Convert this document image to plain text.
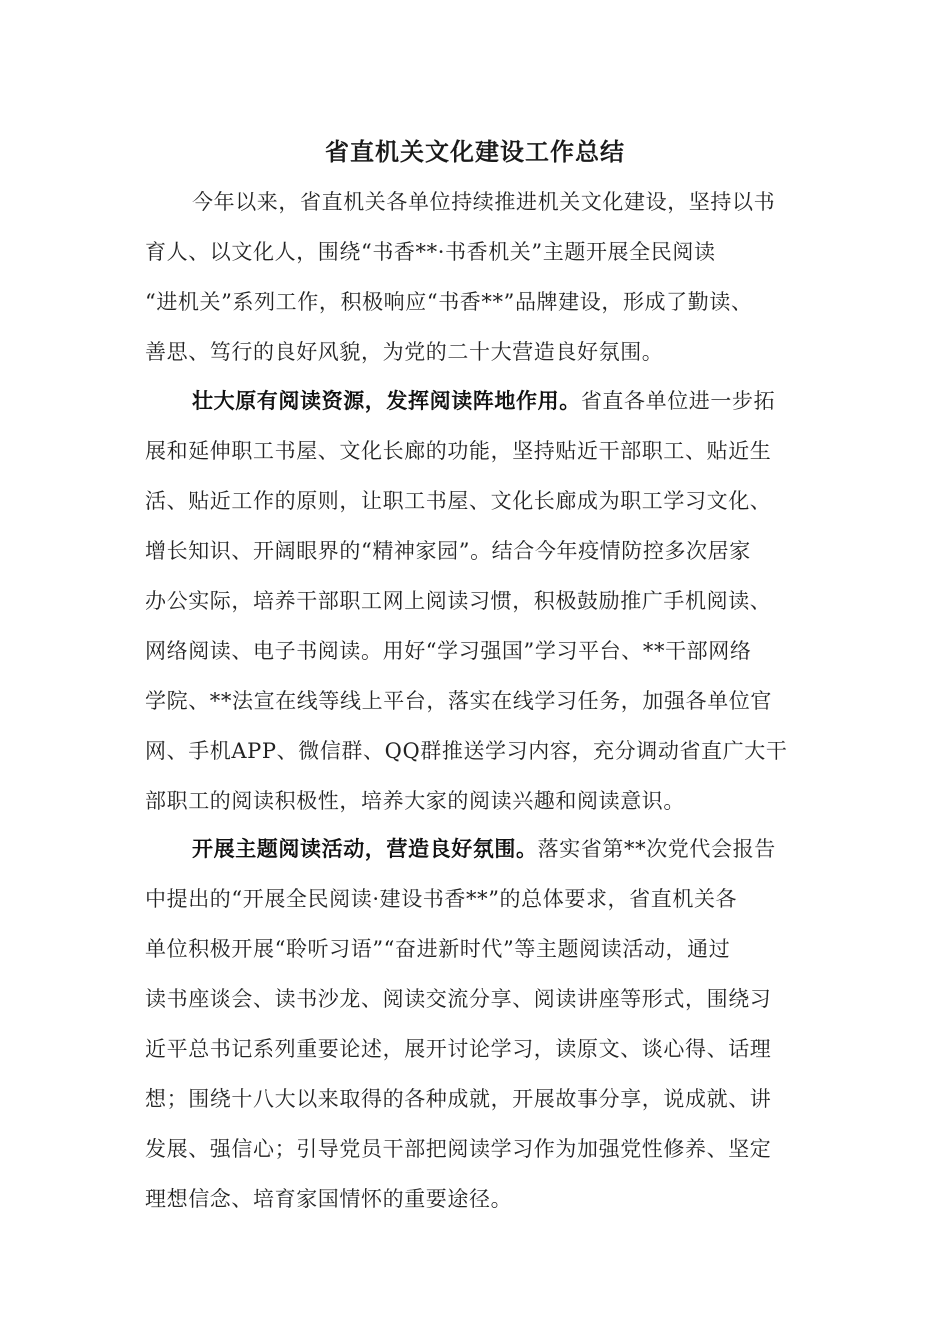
省直机关文化建设工作总结
今年以来，省直机关各单位持续推进机关文化建设，坚持以书
育人、以文化人，围绕“书香**·书香机关”主题开展全民阅读
“进机关”系列工作，积极响应“书香**”品牌建设，形成了勤读、
善思、笃行的良好风貌，为党的二十大营造良好氛围。
壮大原有阅读资源，发挥阅读阵地作用。省直各单位进一步拓
展和延伸职工书屋、文化长廊的功能，坚持贴近干部职工、贴近生
活、贴近工作的原则，让职工书屋、文化长廊成为职工学习文化、
增长知识、开阔眼界的“精神家园”。结合今年疫情防控多次居家
办公实际，培养干部职工网上阅读习惯，积极鼓励推广手机阅读、
网络阅读、电子书阅读。用好“学习强国”学习平台、**干部网络
学院、**法宣在线等线上平台，落实在线学习任务，加强各单位官
网、手机APP、微信群、QQ群推送学习内容，充分调动省直广大干
部职工的阅读积极性，培养大家的阅读兴趣和阅读意识。
开展主题阅读活动，营造良好氛围。落实省第**次党代会报告
中提出的“开展全民阅读·建设书香**”的总体要求，省直机关各
单位积极开展“聆听习语”“奋进新时代”等主题阅读活动，通过
读书座谈会、读书沙龙、阅读交流分享、阅读讲座等形式，围绕习
近平总书记系列重要论述，展开讨论学习，读原文、谈心得、话理
想；围绕十八大以来取得的各种成就，开展故事分享，说成就、讲
发展、强信心；引导党员干部把阅读学习作为加强党性修养、坚定
理想信念、培育家国情怀的重要途径。
